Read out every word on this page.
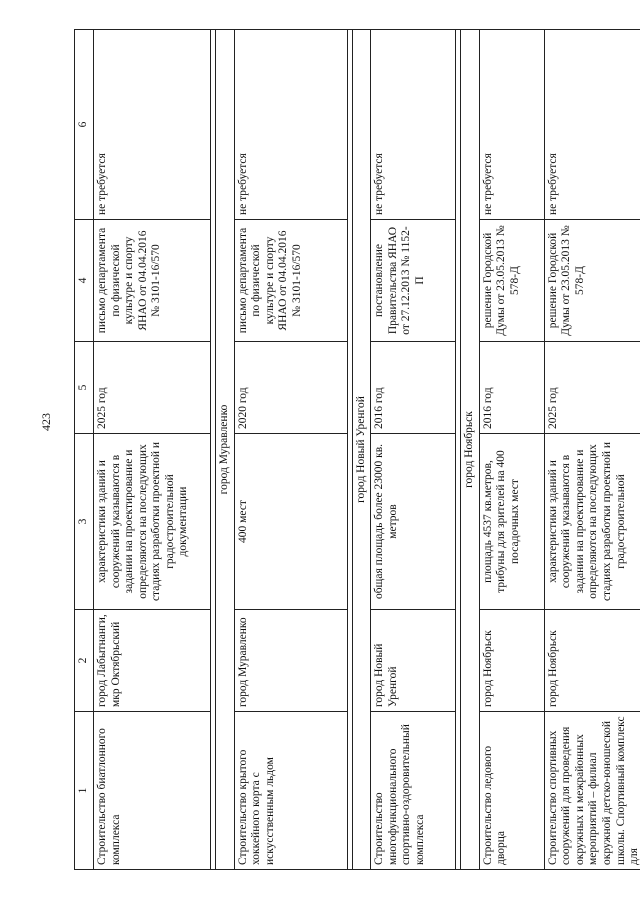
423
1	2	3	5	4	6
Строительство биатлонного комплекса	город Лабытнанги, мкр Октябрьский	характеристики зданий и сооружений указываются в задании на проектирование и определяются на последующих стадиях разработки проектной и градостроительной документации	2025 год	письмо департамента по физической культуре и спорту ЯНАО от 04.04.2016 № 3101-16/570	не требуется

город Муравленко					
Строительство крытого хоккейного корта с искусственным льдом	город Муравленко	400 мест	2020 год	письмо департамента по физической культуре и спорту ЯНАО от 04.04.2016 № 3101-16/570	не требуется

город Новый Уренгой					
Строительство многофункционального спортивно-оздоровительный комплекса	город Новый Уренгой	общая площадь более 23000 кв. метров	2016 год	постановление Правительства ЯНАО от 27.12.2013 № 1152-П	не требуется

город Ноябрьск					
Строительство ледового дворца	город Ноябрьск	площадь 4537 кв.метров, трибуны для зрителей на 400 посадочных мест	2016 год	решение Городской Думы от 23.05.2013 № 578-Д	не требуется
Строительство спортивных сооружений для проведения окружных и межрайонных мероприятий – филиал окружной детско-юношеской школы. Спортивный комплекс для	город Ноябрьск	характеристики зданий и сооружений указываются в задании на проектирование и определяются на последующих стадиях разработки проектной и градостроительной	2025 год	решение Городской Думы от 23.05.2013 № 578-Д	не требуется
